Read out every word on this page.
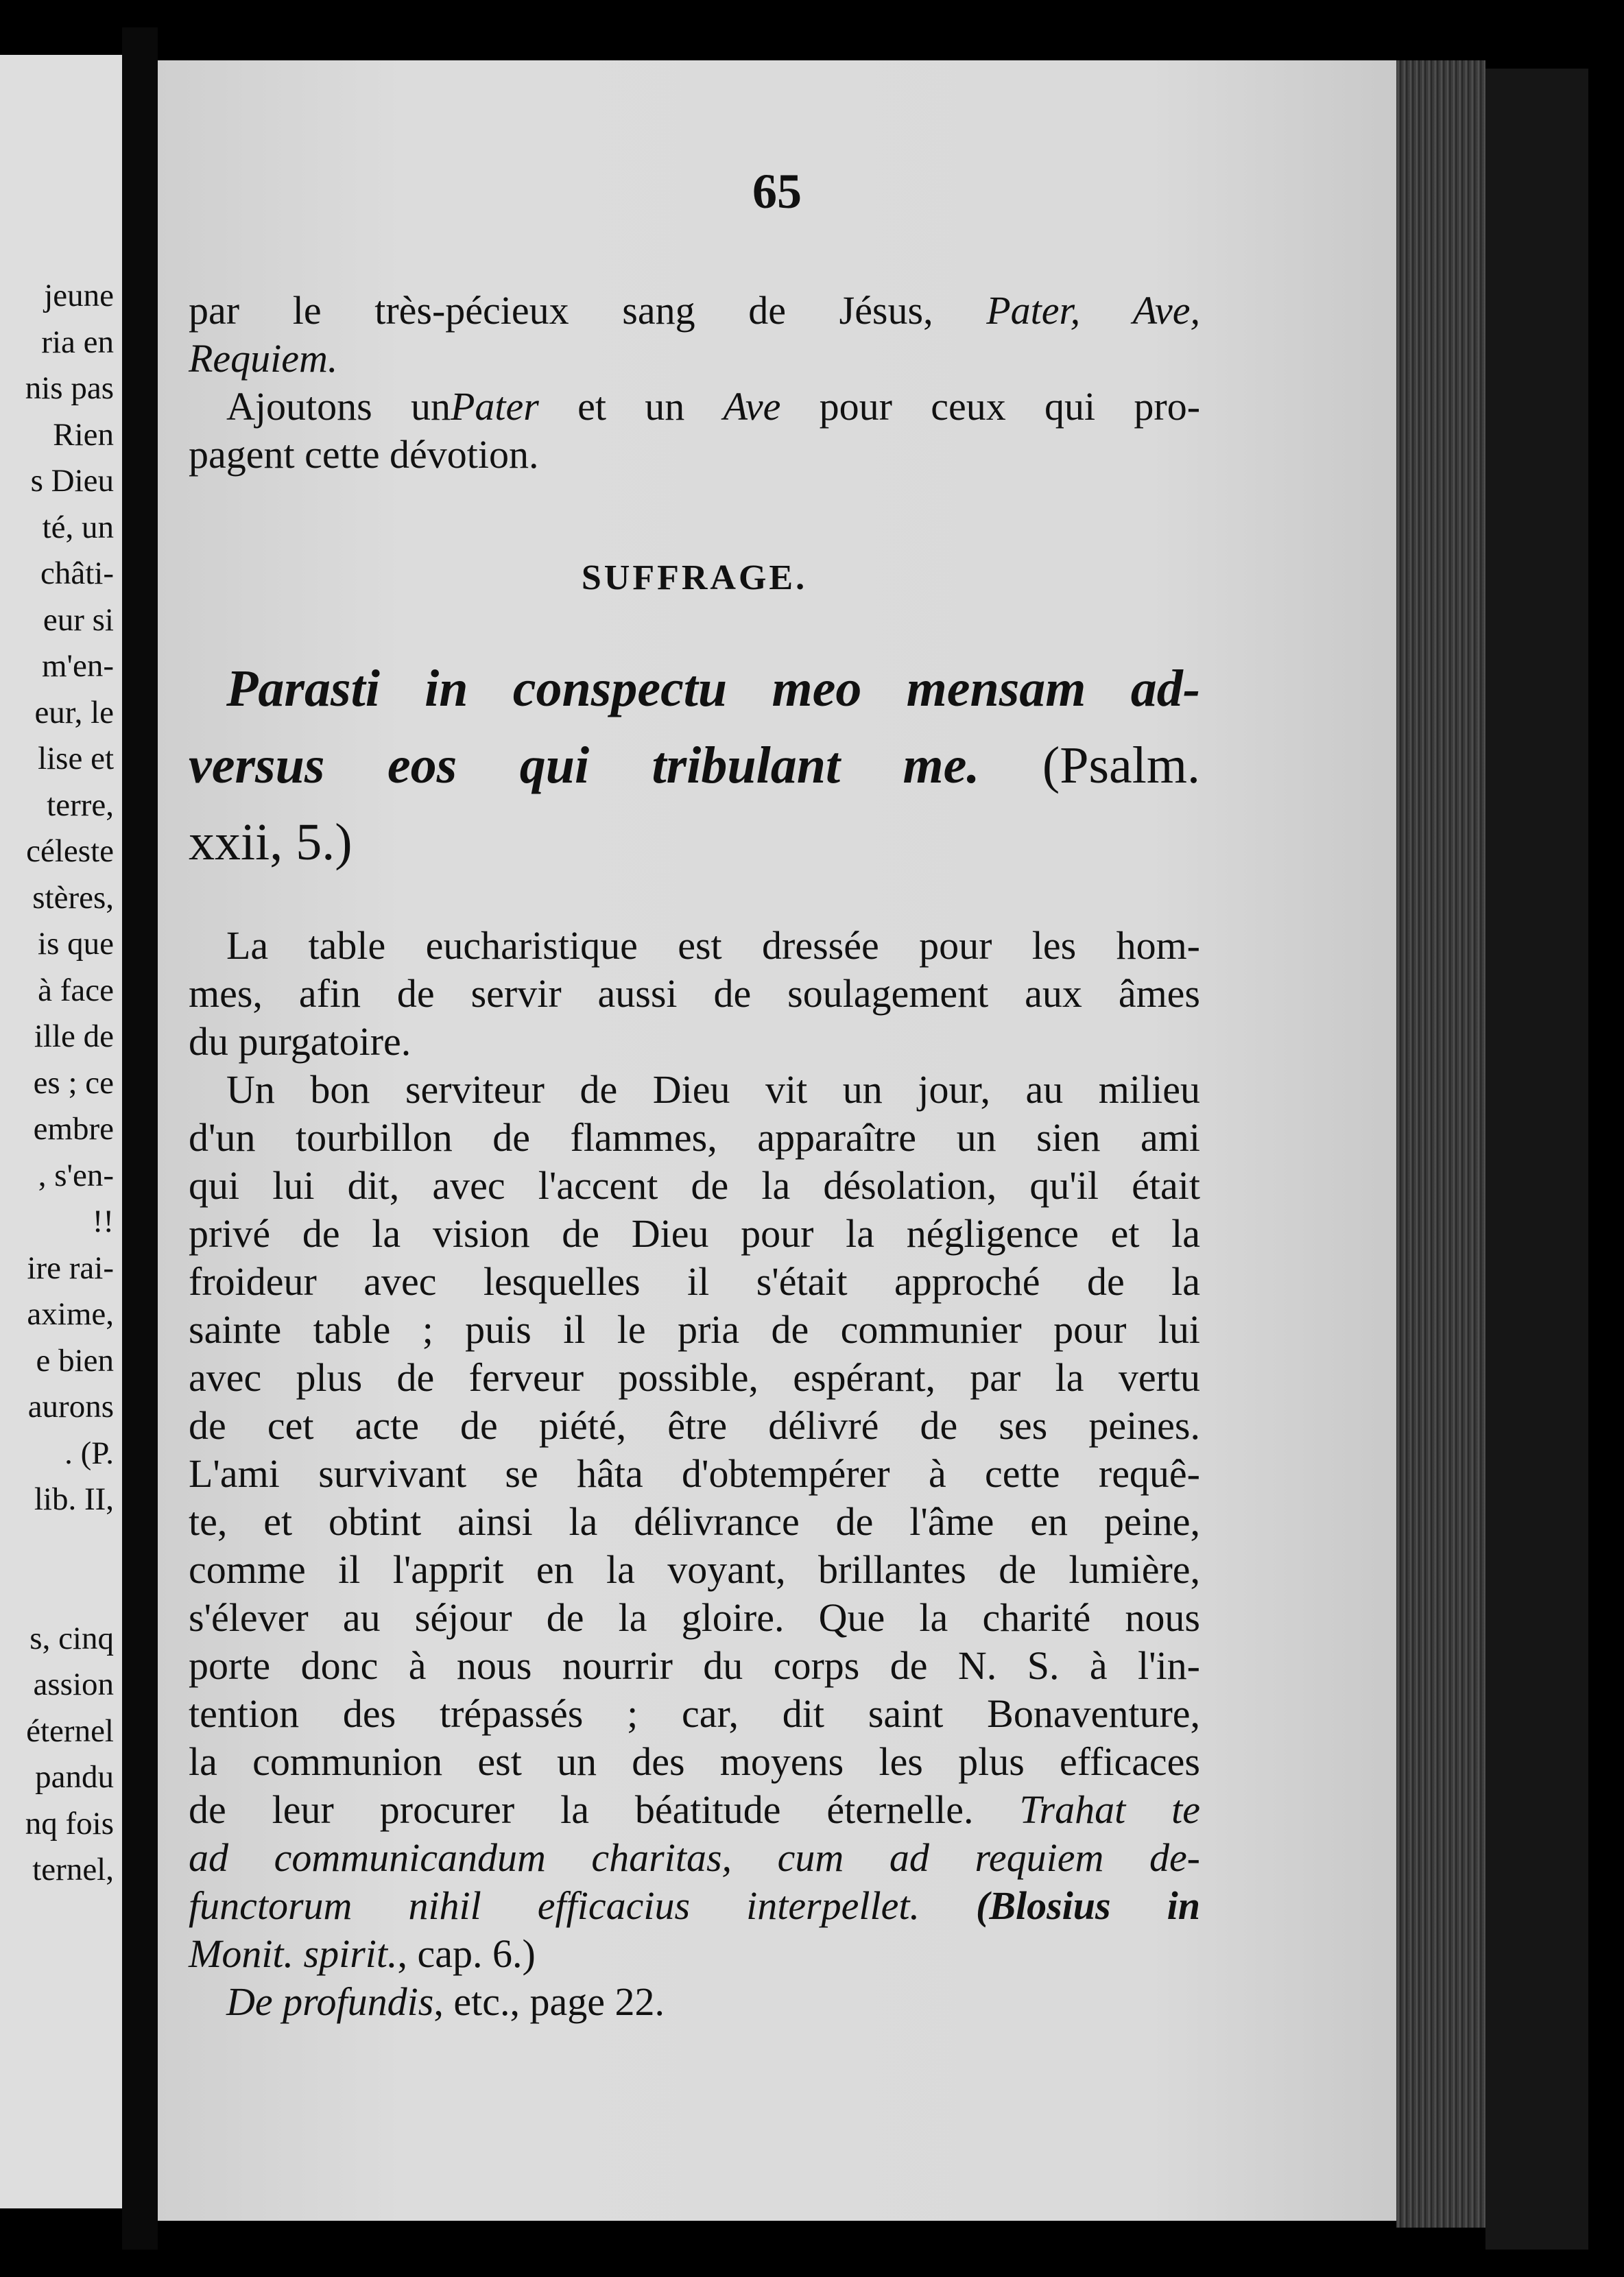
jeune
ria en
nis pas
Rien
s Dieu
té, un
châti-
eur si
m'en-
eur, le
lise et
terre,
céleste
stères,
is que
à face
ille de
es ; ce
embre
, s'en-
!!
ire rai-
axime,
e bien
aurons
. (P.
lib. II,
s, cinq
assion
éternel
pandu
nq fois
ternel,
65
par le très-pécieux sang de Jésus, Pater, Ave,
Requiem.
Ajoutons unPater et un Ave pour ceux qui pro-
pagent cette dévotion.
SUFFRAGE.
Parasti in conspectu meo mensam ad-
versus eos qui tribulant me. (Psalm.
xxii, 5.)
La table eucharistique est dressée pour les hom-
mes, afin de servir aussi de soulagement aux âmes
du purgatoire.
Un bon serviteur de Dieu vit un jour, au milieu
d'un tourbillon de flammes, apparaître un sien ami
qui lui dit, avec l'accent de la désolation, qu'il était
privé de la vision de Dieu pour la négligence et la
froideur avec lesquelles il s'était approché de la
sainte table ; puis il le pria de communier pour lui
avec plus de ferveur possible, espérant, par la vertu
de cet acte de piété, être délivré de ses peines.
L'ami survivant se hâta d'obtempérer à cette requê-
te, et obtint ainsi la délivrance de l'âme en peine,
comme il l'apprit en la voyant, brillantes de lumière,
s'élever au séjour de la gloire. Que la charité nous
porte donc à nous nourrir du corps de N. S. à l'in-
tention des trépassés ; car, dit saint Bonaventure,
la communion est un des moyens les plus efficaces
de leur procurer la béatitude éternelle. Trahat te
ad communicandum charitas, cum ad requiem de-
functorum nihil efficacius interpellet. (Blosius in
Monit. spirit., cap. 6.)
De profundis, etc., page 22.
